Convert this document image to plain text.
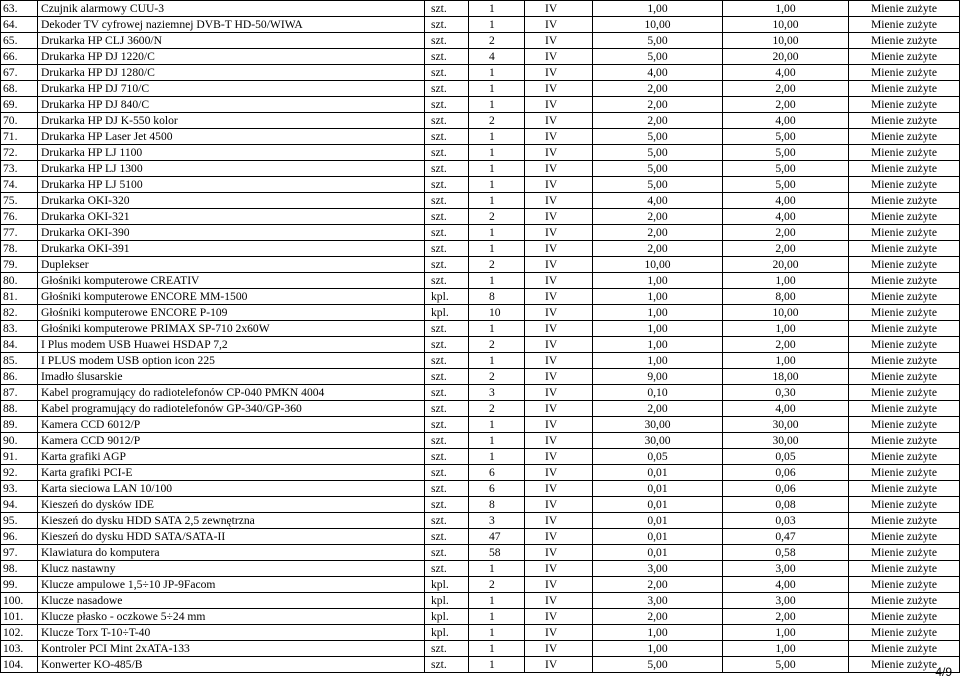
63.	Czujnik alarmowy CUU-3	szt.	1	IV	1,00	1,00	Mienie zużyte
64.	Dekoder TV cyfrowej naziemnej DVB-T HD-50/WIWA	szt.	1	IV	10,00	10,00	Mienie zużyte
65.	Drukarka HP CLJ 3600/N	szt.	2	IV	5,00	10,00	Mienie zużyte
66.	Drukarka HP DJ 1220/C	szt.	4	IV	5,00	20,00	Mienie zużyte
67.	Drukarka HP DJ 1280/C	szt.	1	IV	4,00	4,00	Mienie zużyte
68.	Drukarka HP DJ 710/C	szt.	1	IV	2,00	2,00	Mienie zużyte
69.	Drukarka HP DJ 840/C	szt.	1	IV	2,00	2,00	Mienie zużyte
70.	Drukarka HP DJ K-550 kolor	szt.	2	IV	2,00	4,00	Mienie zużyte
71.	Drukarka HP Laser Jet 4500	szt.	1	IV	5,00	5,00	Mienie zużyte
72.	Drukarka HP LJ 1100	szt.	1	IV	5,00	5,00	Mienie zużyte
73.	Drukarka HP LJ 1300	szt.	1	IV	5,00	5,00	Mienie zużyte
74.	Drukarka HP LJ 5100	szt.	1	IV	5,00	5,00	Mienie zużyte
75.	Drukarka OKI-320	szt.	1	IV	4,00	4,00	Mienie zużyte
76.	Drukarka OKI-321	szt.	2	IV	2,00	4,00	Mienie zużyte
77.	Drukarka OKI-390	szt.	1	IV	2,00	2,00	Mienie zużyte
78.	Drukarka OKI-391	szt.	1	IV	2,00	2,00	Mienie zużyte
79.	Duplekser	szt.	2	IV	10,00	20,00	Mienie zużyte
80.	Głośniki komputerowe CREATIV	szt.	1	IV	1,00	1,00	Mienie zużyte
81.	Głośniki komputerowe ENCORE MM-1500	kpl.	8	IV	1,00	8,00	Mienie zużyte
82.	Głośniki komputerowe ENCORE P-109	kpl.	10	IV	1,00	10,00	Mienie zużyte
83.	Głośniki komputerowe PRIMAX SP-710 2x60W	szt.	1	IV	1,00	1,00	Mienie zużyte
84.	I Plus modem USB Huawei HSDAP 7,2	szt.	2	IV	1,00	2,00	Mienie zużyte
85.	I PLUS modem USB option icon 225	szt.	1	IV	1,00	1,00	Mienie zużyte
86.	Imadło ślusarskie	szt.	2	IV	9,00	18,00	Mienie zużyte
87.	Kabel programujący do radiotelefonów CP-040 PMKN 4004	szt.	3	IV	0,10	0,30	Mienie zużyte
88.	Kabel programujący do radiotelefonów GP-340/GP-360	szt.	2	IV	2,00	4,00	Mienie zużyte
89.	Kamera CCD 6012/P	szt.	1	IV	30,00	30,00	Mienie zużyte
90.	Kamera CCD 9012/P	szt.	1	IV	30,00	30,00	Mienie zużyte
91.	Karta grafiki AGP	szt.	1	IV	0,05	0,05	Mienie zużyte
92.	Karta grafiki PCI-E	szt.	6	IV	0,01	0,06	Mienie zużyte
93.	Karta sieciowa LAN 10/100	szt.	6	IV	0,01	0,06	Mienie zużyte
94.	Kieszeń do dysków IDE	szt.	8	IV	0,01	0,08	Mienie zużyte
95.	Kieszeń do dysku HDD SATA 2,5 zewnętrzna	szt.	3	IV	0,01	0,03	Mienie zużyte
96.	Kieszeń do dysku HDD SATA/SATA-II	szt.	47	IV	0,01	0,47	Mienie zużyte
97.	Klawiatura do komputera	szt.	58	IV	0,01	0,58	Mienie zużyte
98.	Klucz nastawny	szt.	1	IV	3,00	3,00	Mienie zużyte
99.	Klucze ampulowe 1,5÷10 JP-9Facom	kpl.	2	IV	2,00	4,00	Mienie zużyte
100.	Klucze nasadowe	kpl.	1	IV	3,00	3,00	Mienie zużyte
101.	Klucze płasko - oczkowe 5÷24 mm	kpl.	1	IV	2,00	2,00	Mienie zużyte
102.	Klucze Torx T-10÷T-40	kpl.	1	IV	1,00	1,00	Mienie zużyte
103.	Kontroler PCI Mint 2xATA-133	szt.	1	IV	1,00	1,00	Mienie zużyte
104.	Konwerter KO-485/B	szt.	1	IV	5,00	5,00	Mienie zużyte
4/9
